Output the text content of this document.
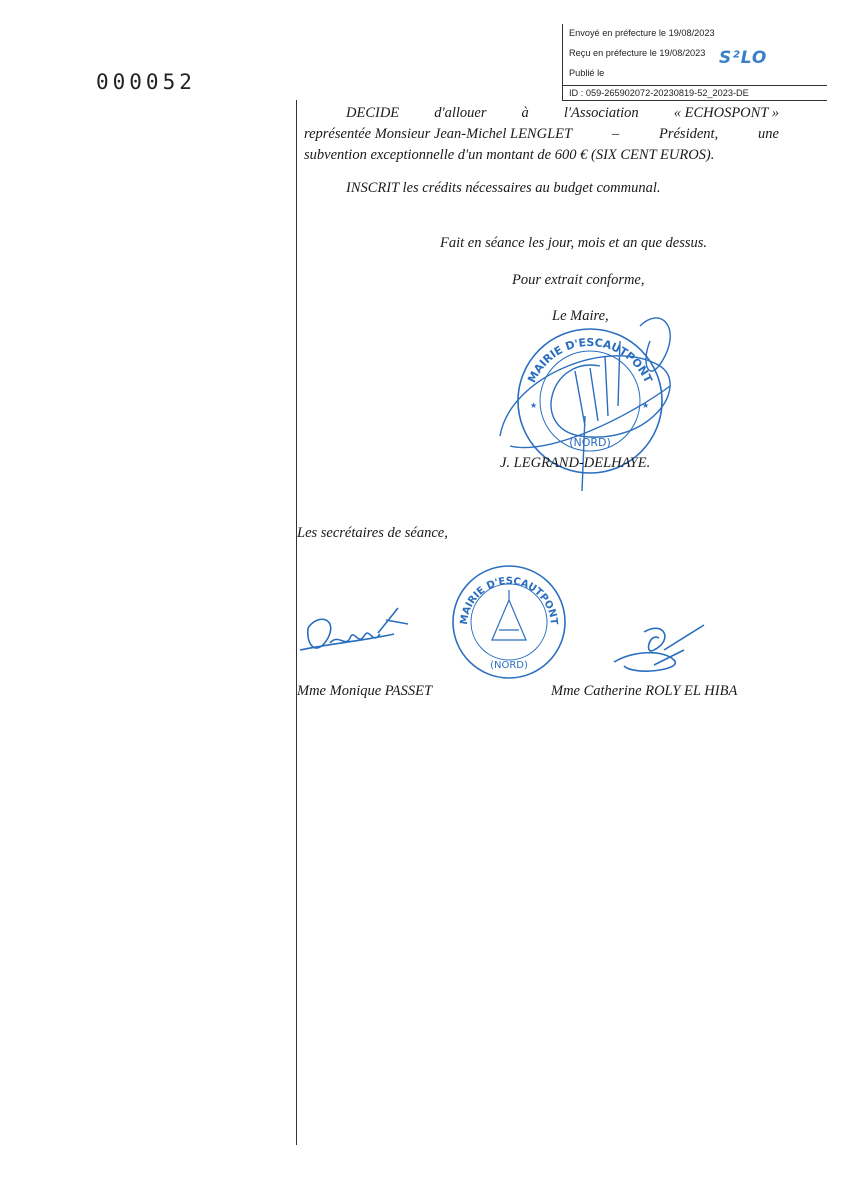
000052
Envoyé en préfecture le 19/08/2023
Reçu en préfecture le 19/08/2023
Publié le
ID : 059-265902072-20230819-52_2023-DE
S²LO
DECIDE d'allouer à l'Association « ECHOSPONT »
représentée Monsieur Jean-Michel LENGLET	–	Président,	une
subvention exceptionnelle d'un montant de 600 € (SIX CENT EUROS).
INSCRIT les crédits nécessaires au budget communal.
Fait en séance les jour, mois et an que dessus.
Pour extrait conforme,
MAIRIE D'ESCAUTPONT
(NORD)
★	★
Le Maire,
J. LEGRAND-DELHAYE.
Les secrétaires de séance,
MAIRIE D'ESCAUTPONT
(NORD)
Mme Monique PASSET	Mme Catherine ROLY EL HIBA
